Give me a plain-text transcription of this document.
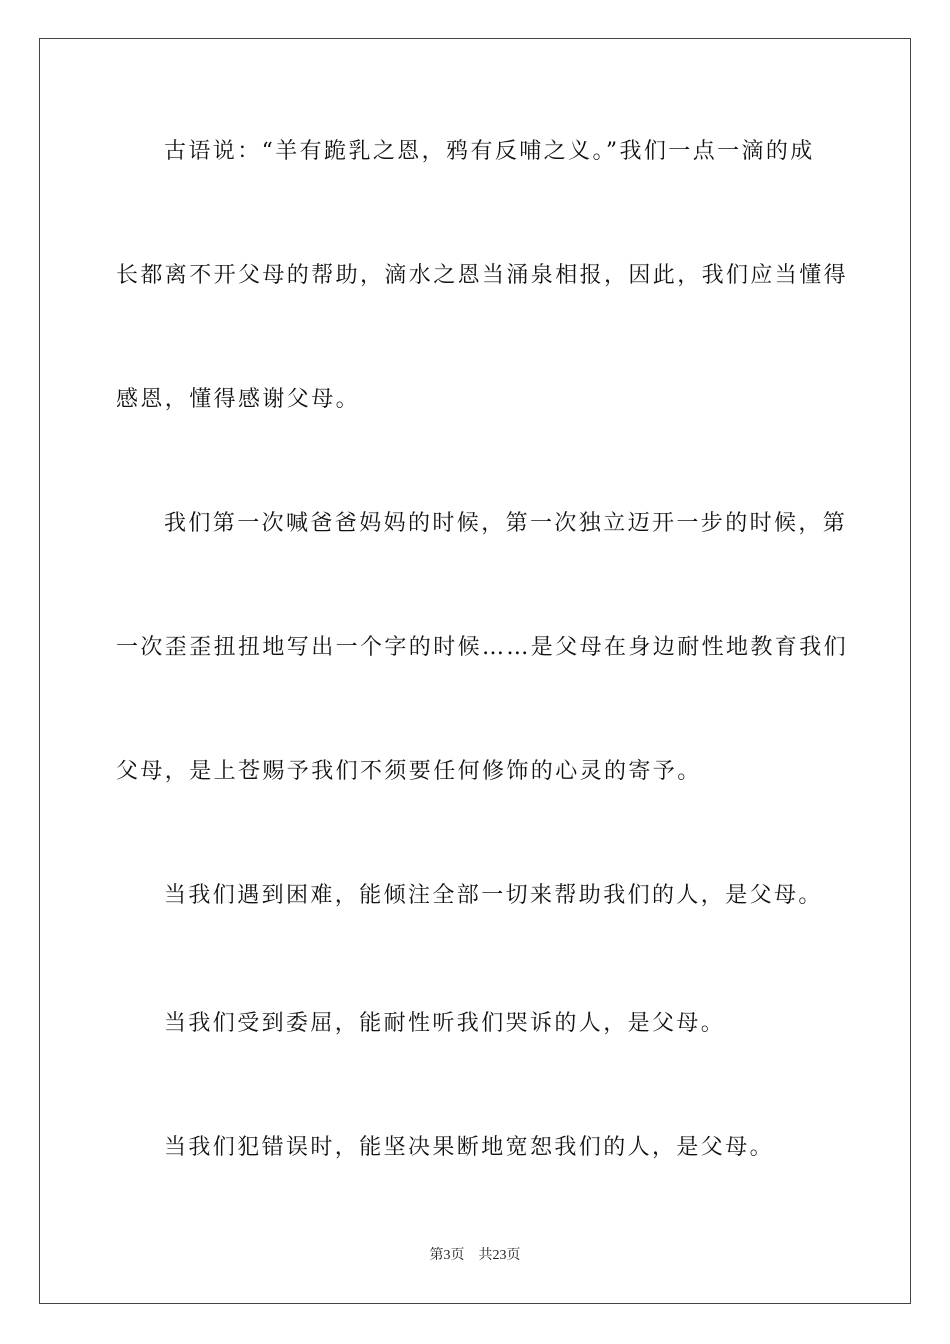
古语说：“羊有跪乳之恩，鸦有反哺之义。”我们一点一滴的成
长都离不开父母的帮助，滴水之恩当涌泉相报，因此，我们应当懂得
感恩，懂得感谢父母。
我们第一次喊爸爸妈妈的时候，第一次独立迈开一步的时候，第
一次歪歪扭扭地写出一个字的时候……是父母在身边耐性地教育我们
父母，是上苍赐予我们不须要任何修饰的心灵的寄予。
当我们遇到困难，能倾注全部一切来帮助我们的人，是父母。
当我们受到委屈，能耐性听我们哭诉的人，是父母。
当我们犯错误时，能坚决果断地宽恕我们的人，是父母。
第3页 共23页
